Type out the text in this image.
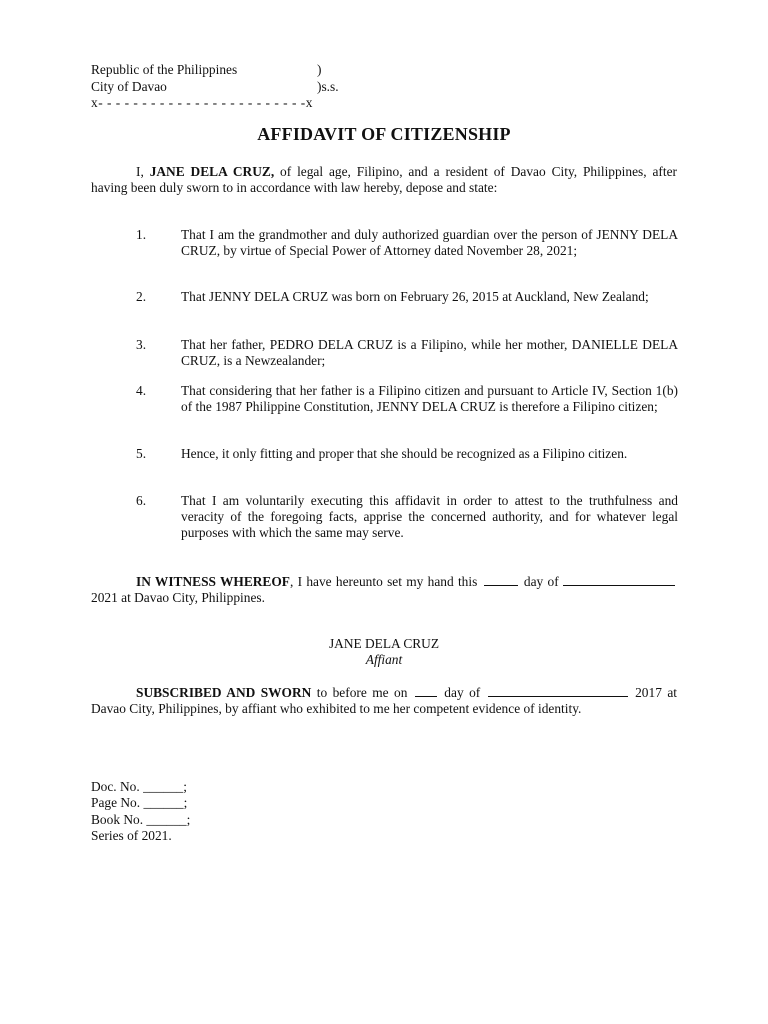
Republic of the Philippines	)
City of Davao	)s.s.
x- - - - - - - - - - - - - - - - - - - - - - - -x
AFFIDAVIT OF CITIZENSHIP

I, JANE DELA CRUZ, of legal age, Filipino, and a resident of Davao City, Philippines, after having been duly sworn to in accordance with law hereby, depose and state:

1.	That I am the grandmother and duly authorized guardian over the person of JENNY DELA CRUZ, by virtue of Special Power of Attorney dated November 28, 2021;

2.	That JENNY DELA CRUZ was born on February 26, 2015 at Auckland, New Zealand;

3.	That her father, PEDRO DELA CRUZ is a Filipino, while her mother, DANIELLE DELA CRUZ, is a Newzealander;

4.	That considering that her father is a Filipino citizen and pursuant to Article IV, Section 1(b) of the 1987 Philippine Constitution, JENNY DELA CRUZ is therefore a Filipino citizen;

5.	Hence, it only fitting and proper that she should be recognized as a Filipino citizen.

6.	That I am voluntarily executing this affidavit in order to attest to the truthfulness and veracity of the foregoing facts, apprise the concerned authority, and for whatever legal purposes with which the same may serve.

IN WITNESS WHEREOF, I have hereunto set my hand this	day of  2021 at Davao City, Philippines.

JANE DELA CRUZ
Affiant

SUBSCRIBED AND SWORN to before me on  day of	2017 at Davao City, Philippines, by affiant who exhibited to me her competent evidence of identity.

Doc. No. ______;
Page No. ______;
Book No. ______;
Series of 2021.
